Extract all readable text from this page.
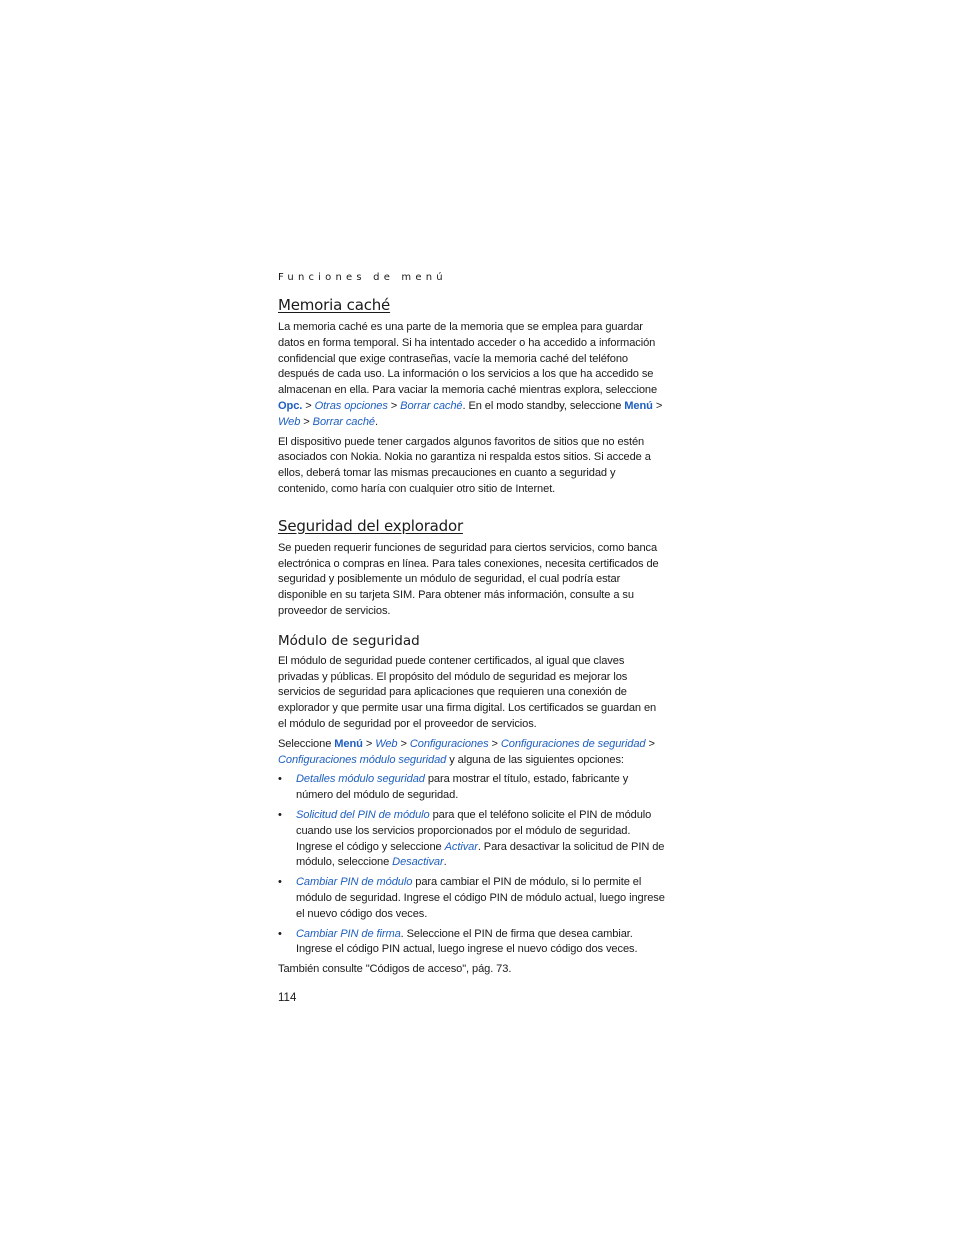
Funciones de menú
Memoria caché

La memoria caché es una parte de la memoria que se emplea para guardar datos en forma temporal. Si ha intentado acceder o ha accedido a información confidencial que exige contraseñas, vacíe la memoria caché del teléfono después de cada uso. La información o los servicios a los que ha accedido se almacenan en ella. Para vaciar la memoria caché mientras explora, seleccione Opc. > Otras opciones > Borrar caché. En el modo standby, seleccione Menú > Web > Borrar caché.

El dispositivo puede tener cargados algunos favoritos de sitios que no estén asociados con Nokia. Nokia no garantiza ni respalda estos sitios. Si accede a ellos, deberá tomar las mismas precauciones en cuanto a seguridad y contenido, como haría con cualquier otro sitio de Internet.

Seguridad del explorador

Se pueden requerir funciones de seguridad para ciertos servicios, como banca electrónica o compras en línea. Para tales conexiones, necesita certificados de seguridad y posiblemente un módulo de seguridad, el cual podría estar disponible en su tarjeta SIM. Para obtener más información, consulte a su proveedor de servicios.

Módulo de seguridad

El módulo de seguridad puede contener certificados, al igual que claves privadas y públicas. El propósito del módulo de seguridad es mejorar los servicios de seguridad para aplicaciones que requieren una conexión de explorador y que permite usar una firma digital. Los certificados se guardan en el módulo de seguridad por el proveedor de servicios.

Seleccione Menú > Web > Configuraciones > Configuraciones de seguridad > Configuraciones módulo seguridad y alguna de las siguientes opciones:

• Detalles módulo seguridad para mostrar el título, estado, fabricante y número del módulo de seguridad.
• Solicitud del PIN de módulo para que el teléfono solicite el PIN de módulo cuando use los servicios proporcionados por el módulo de seguridad. Ingrese el código y seleccione Activar. Para desactivar la solicitud de PIN de módulo, seleccione Desactivar.
• Cambiar PIN de módulo para cambiar el PIN de módulo, si lo permite el módulo de seguridad. Ingrese el código PIN de módulo actual, luego ingrese el nuevo código dos veces.
• Cambiar PIN de firma. Seleccione el PIN de firma que desea cambiar. Ingrese el código PIN actual, luego ingrese el nuevo código dos veces.

También consulte "Códigos de acceso", pág. 73.

114
